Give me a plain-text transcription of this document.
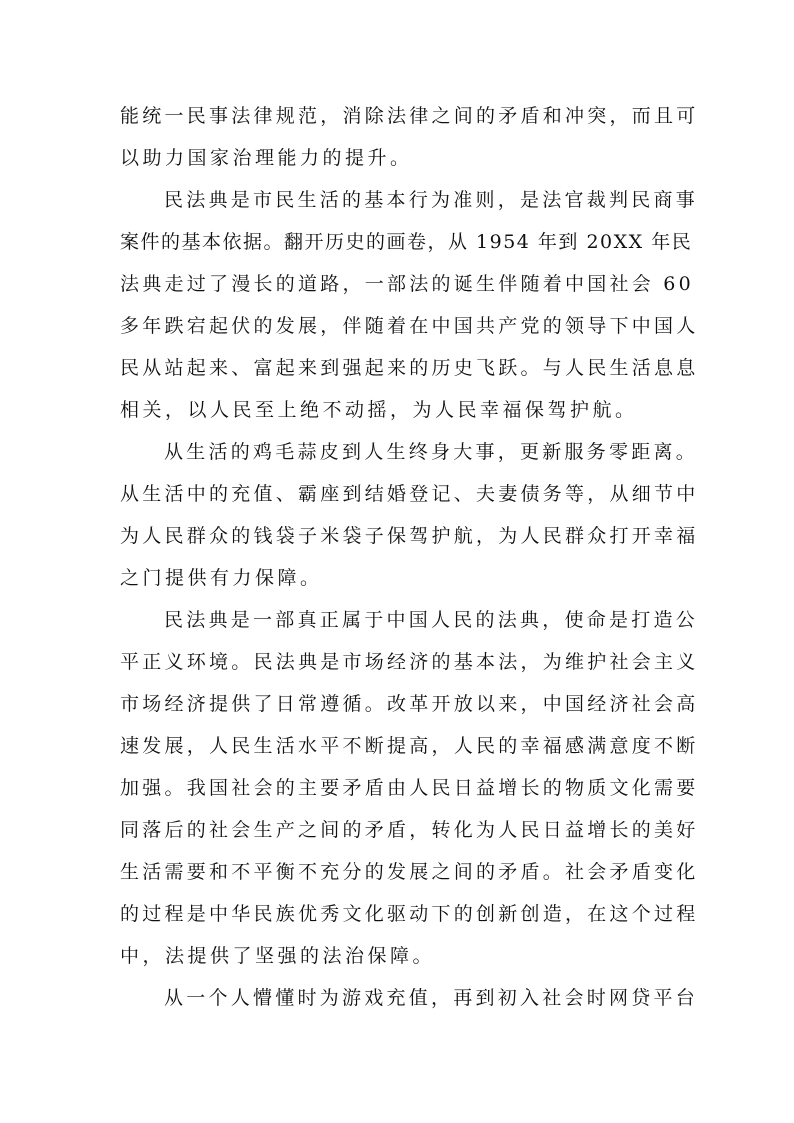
能统一民事法律规范，消除法律之间的矛盾和冲突，而且可
以助力国家治理能力的提升。
民法典是市民生活的基本行为准则，是法官裁判民商事
案件的基本依据。翻开历史的画卷，从 1954 年到 20XX 年民
法典走过了漫长的道路，一部法的诞生伴随着中国社会 60
多年跌宕起伏的发展，伴随着在中国共产党的领导下中国人
民从站起来、富起来到强起来的历史飞跃。与人民生活息息
相关，以人民至上绝不动摇，为人民幸福保驾护航。
从生活的鸡毛蒜皮到人生终身大事，更新服务零距离。
从生活中的充值、霸座到结婚登记、夫妻债务等，从细节中
为人民群众的钱袋子米袋子保驾护航，为人民群众打开幸福
之门提供有力保障。
民法典是一部真正属于中国人民的法典，使命是打造公
平正义环境。民法典是市场经济的基本法，为维护社会主义
市场经济提供了日常遵循。改革开放以来，中国经济社会高
速发展，人民生活水平不断提高，人民的幸福感满意度不断
加强。我国社会的主要矛盾由人民日益增长的物质文化需要
同落后的社会生产之间的矛盾，转化为人民日益增长的美好
生活需要和不平衡不充分的发展之间的矛盾。社会矛盾变化
的过程是中华民族优秀文化驱动下的创新创造，在这个过程
中，法提供了坚强的法治保障。
从一个人懵懂时为游戏充值，再到初入社会时网贷平台
